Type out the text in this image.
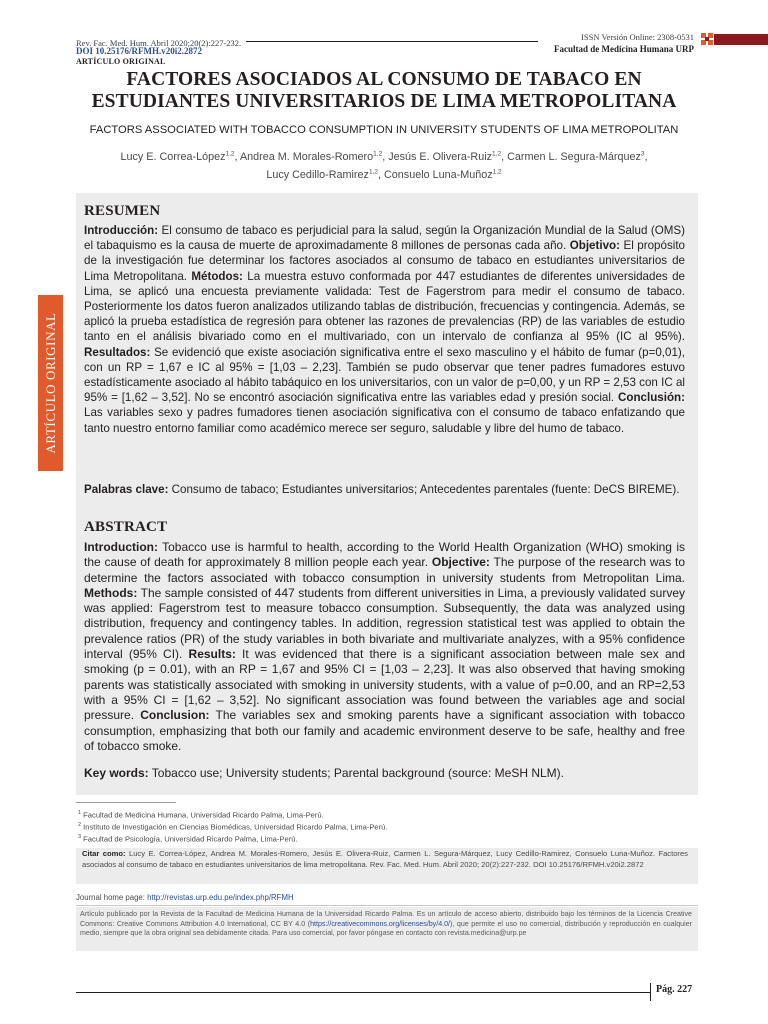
Rev. Fac. Med. Hum. Abril 2020;20(2):227-232.
DOI 10.25176/RFMH.v20i2.2872
ARTÍCULO ORIGINAL
ISSN Versión Online: 2308-0531
Facultad de Medicina Humana URP
FACTORES ASOCIADOS AL CONSUMO DE TABACO EN
ESTUDIANTES UNIVERSITARIOS DE LIMA METROPOLITANA
FACTORS ASSOCIATED WITH TOBACCO CONSUMPTION IN UNIVERSITY STUDENTS OF LIMA METROPOLITAN
Lucy E. Correa-López$^{1,2}$, Andrea M. Morales-Romero$^{1,2}$, Jesús E. Olivera-Ruiz$^{1,2}$, Carmen L. Segura-Márquez$^3$,
Lucy Cedillo-Ramirez$^{1,2}$, Consuelo Luna-Muñoz$^{1,2}$
ARTÍCULO ORIGINAL
RESUMEN
Introducción: El consumo de tabaco es perjudicial para la salud, según la Organización Mundial de la Salud (OMS) el tabaquismo es la causa de muerte de aproximadamente 8 millones de personas cada año. Objetivo: El propósito de la investigación fue determinar los factores asociados al consumo de tabaco en estudiantes universitarios de Lima Metropolitana. Métodos: La muestra estuvo conformada por 447 estudiantes de diferentes universidades de Lima, se aplicó una encuesta previamente validada: Test de Fagerstrom para medir el consumo de tabaco. Posteriormente los datos fueron analizados utilizando tablas de distribución, frecuencias y contingencia. Además, se aplicó la prueba estadística de regresión para obtener las razones de prevalencias (RP) de las variables de estudio tanto en el análisis bivariado como en el multivariado, con un intervalo de confianza al 95% (IC al 95%). Resultados: Se evidenció que existe asociación significativa entre el sexo masculino y el hábito de fumar (p=0,01), con un RP = 1,67 e IC al 95% = [1,03 – 2,23]. También se pudo observar que tener padres fumadores estuvo estadísticamente asociado al hábito tabáquico en los universitarios, con un valor de p=0,00, y un RP = 2,53 con IC al 95% = [1,62 – 3,52]. No se encontró asociación significativa entre las variables edad y presión social. Conclusión: Las variables sexo y padres fumadores tienen asociación significativa con el consumo de tabaco enfatizando que tanto nuestro entorno familiar como académico merece ser seguro, saludable y libre del humo de tabaco.
Palabras clave: Consumo de tabaco; Estudiantes universitarios; Antecedentes parentales (fuente: DeCS BIREME).
ABSTRACT
Introduction: Tobacco use is harmful to health, according to the World Health Organization (WHO) smoking is the cause of death for approximately 8 million people each year. Objective: The purpose of the research was to determine the factors associated with tobacco consumption in university students from Metropolitan Lima. Methods: The sample consisted of 447 students from different universities in Lima, a previously validated survey was applied: Fagerstrom test to measure tobacco consumption. Subsequently, the data was analyzed using distribution, frequency and contingency tables. In addition, regression statistical test was applied to obtain the prevalence ratios (PR) of the study variables in both bivariate and multivariate analyzes, with a 95% confidence interval (95% CI). Results: It was evidenced that there is a significant association between male sex and smoking (p = 0.01), with an RP = 1,67 and 95% CI = [1,03 – 2,23]. It was also observed that having smoking parents was statistically associated with smoking in university students, with a value of p=0.00, and an RP=2,53 with a 95% CI = [1,62 – 3,52]. No significant association was found between the variables age and social pressure. Conclusion: The variables sex and smoking parents have a significant association with tobacco consumption, emphasizing that both our family and academic environment deserve to be safe, healthy and free of tobacco smoke.
Key words: Tobacco use; University students; Parental background (source: MeSH NLM).
$^1$ Facultad de Medicina Humana, Universidad Ricardo Palma, Lima-Perú.
$^2$ Instituto de Investigación en Ciencias Biomédicas, Universidad Ricardo Palma, Lima-Perú.
$^3$ Facultad de Psicología, Universidad Ricardo Palma, Lima-Perú.
Citar como: Lucy E. Correa-López, Andrea M. Morales-Romero, Jesús E. Olivera-Ruiz, Carmen L. Segura-Márquez, Lucy Cedillo-Ramirez, Consuelo Luna-Muñoz. Factores asociados al consumo de tabaco en estudiantes universitarios de lima metropolitana. Rev. Fac. Med. Hum. Abril 2020; 20(2):227-232. DOI 10.25176/RFMH.v20i2.2872
Journal home page: http://revistas.urp.edu.pe/index.php/RFMH
Artículo publicado por la Revista de la Facultad de Medicina Humana de la Universidad Ricardo Palma. Es un artículo de acceso abierto, distribuido bajo los términos de la Licencia Creative Commons: Creative Commons Attribution 4.0 International, CC BY 4.0 (https://creativecommons.org/licenses/by/4.0/), que permite el uso no comercial, distribución y reproducción en cualquier medio, siempre que la obra original sea debidamente citada. Para uso comercial, por favor póngase en contacto con revista.medicina@urp.pe
Pág. 227
